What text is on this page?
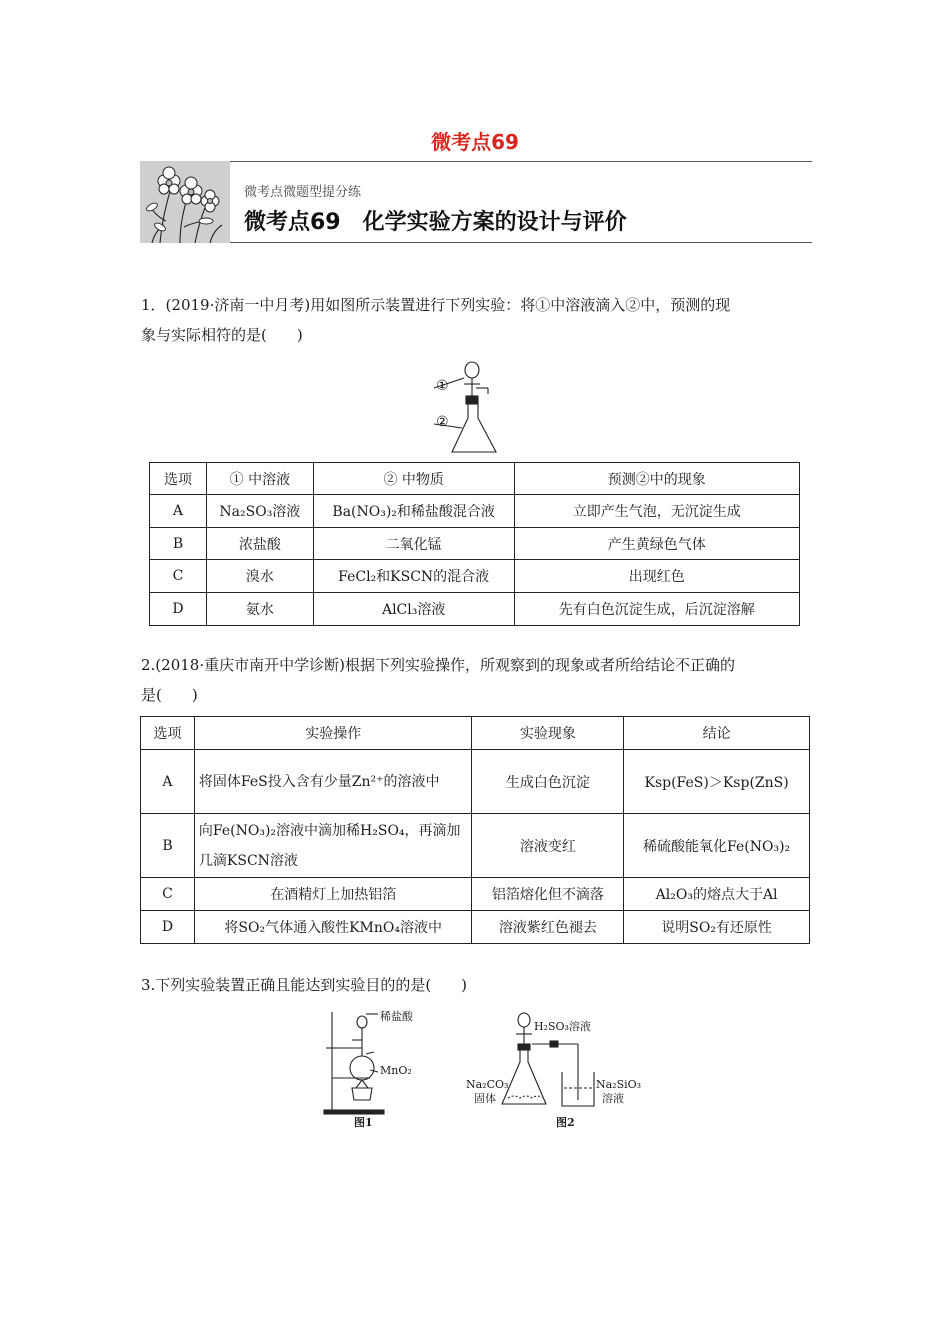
微考点69
微考点微题型提分练
微考点69　化学实验方案的设计与评价
1．(2019·济南一中月考)用如图所示装置进行下列实验：将①中溶液滴入②中，预测的现
象与实际相符的是(　　)
①
②
选项	① 中溶液	② 中物质	预测②中的现象
A	Na₂SO₃溶液	Ba(NO₃)₂和稀盐酸混合液	立即产生气泡，无沉淀生成
B	浓盐酸	二氧化锰	产生黄绿色气体
C	溴水	FeCl₂和KSCN的混合液	出现红色
D	氨水	AlCl₃溶液	先有白色沉淀生成，后沉淀溶解
2.(2018·重庆市南开中学诊断)根据下列实验操作，所观察到的现象或者所给结论不正确的
是(　　)
选项	实验操作	实验现象	结论
A	将固体FeS投入含有少量Zn²⁺的溶液中	生成白色沉淀	Ksp(FeS)＞Ksp(ZnS)
B	向Fe(NO₃)₂溶液中滴加稀H₂SO₄，再滴加几滴KSCN溶液	溶液变红	稀硫酸能氧化Fe(NO₃)₂
C	在酒精灯上加热铝箔	铝箔熔化但不滴落	Al₂O₃的熔点大于Al
D	将SO₂气体通入酸性KMnO₄溶液中	溶液紫红色褪去	说明SO₂有还原性
3.下列实验装置正确且能达到实验目的的是(　　)
稀盐酸
MnO₂
图1
H₂SO₃溶液
Na₂CO₃
固体
Na₂SiO₃
溶液
图2
